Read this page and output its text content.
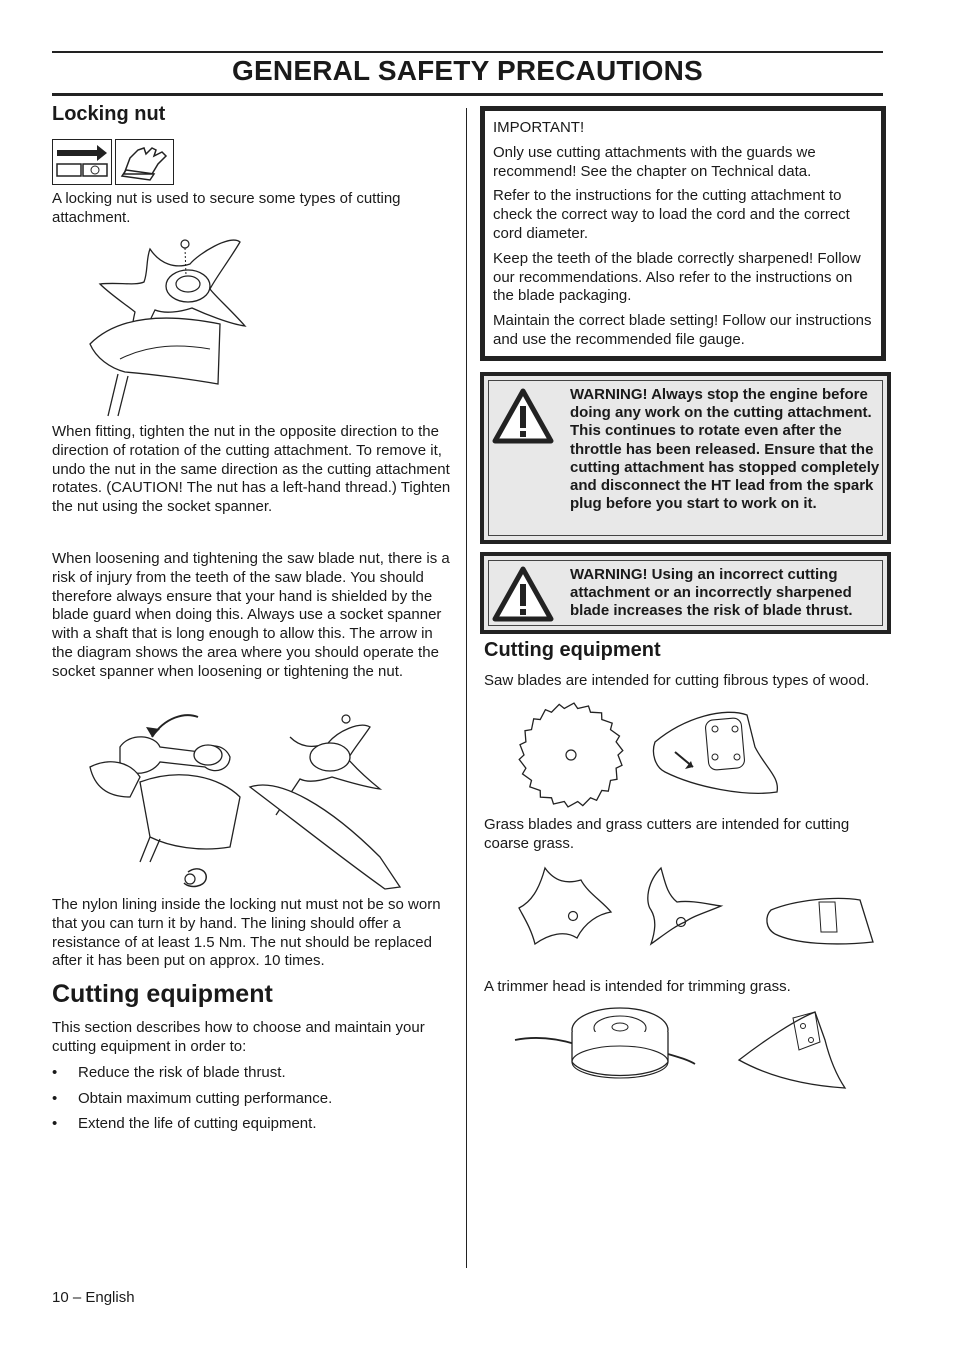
GENERAL SAFETY PRECAUTIONS
Locking nut

A locking nut is used to secure some types of cutting attachment.

When fitting, tighten the nut in the opposite direction to the direction of rotation of the cutting attachment. To remove it, undo the nut in the same direction as the cutting attachment rotates. (CAUTION! The nut has a left-hand thread.) Tighten the nut using the socket spanner.

When loosening and tightening the saw blade nut, there is a risk of injury from the teeth of the saw blade. You should therefore always ensure that your hand is shielded by the blade guard when doing this. Always use a socket spanner with a shaft that is long enough to allow this. The arrow in the diagram shows the area where you should operate the socket spanner when loosening or tightening the nut.

The nylon lining inside the locking nut must not be so worn that you can turn it by hand. The lining should offer a resistance of at least 1.5 Nm. The nut should be replaced after it has been put on approx. 10 times.

Cutting equipment

This section describes how to choose and maintain your cutting equipment in order to:

• Reduce the risk of blade thrust.
• Obtain maximum cutting performance.
• Extend the life of cutting equipment.

IMPORTANT!

Only use cutting attachments with the guards we recommend! See the chapter on Technical data.

Refer to the instructions for the cutting attachment to check the correct way to load the cord and the correct cord diameter.

Keep the teeth of the blade correctly sharpened! Follow our recommendations. Also refer to the instructions on the blade packaging.

Maintain the correct blade setting! Follow our instructions and use the recommended file gauge.

WARNING! Always stop the engine before doing any work on the cutting attachment. This continues to rotate even after the throttle has been released. Ensure that the cutting attachment has stopped completely and disconnect the HT lead from the spark plug before you start to work on it.
WARNING! Using an incorrect cutting attachment or an incorrectly sharpened blade increases the risk of blade thrust.
Cutting equipment

Saw blades are intended for cutting fibrous types of wood.

Grass blades and grass cutters are intended for cutting coarse grass.

A trimmer head is intended for trimming grass.

10 – English
